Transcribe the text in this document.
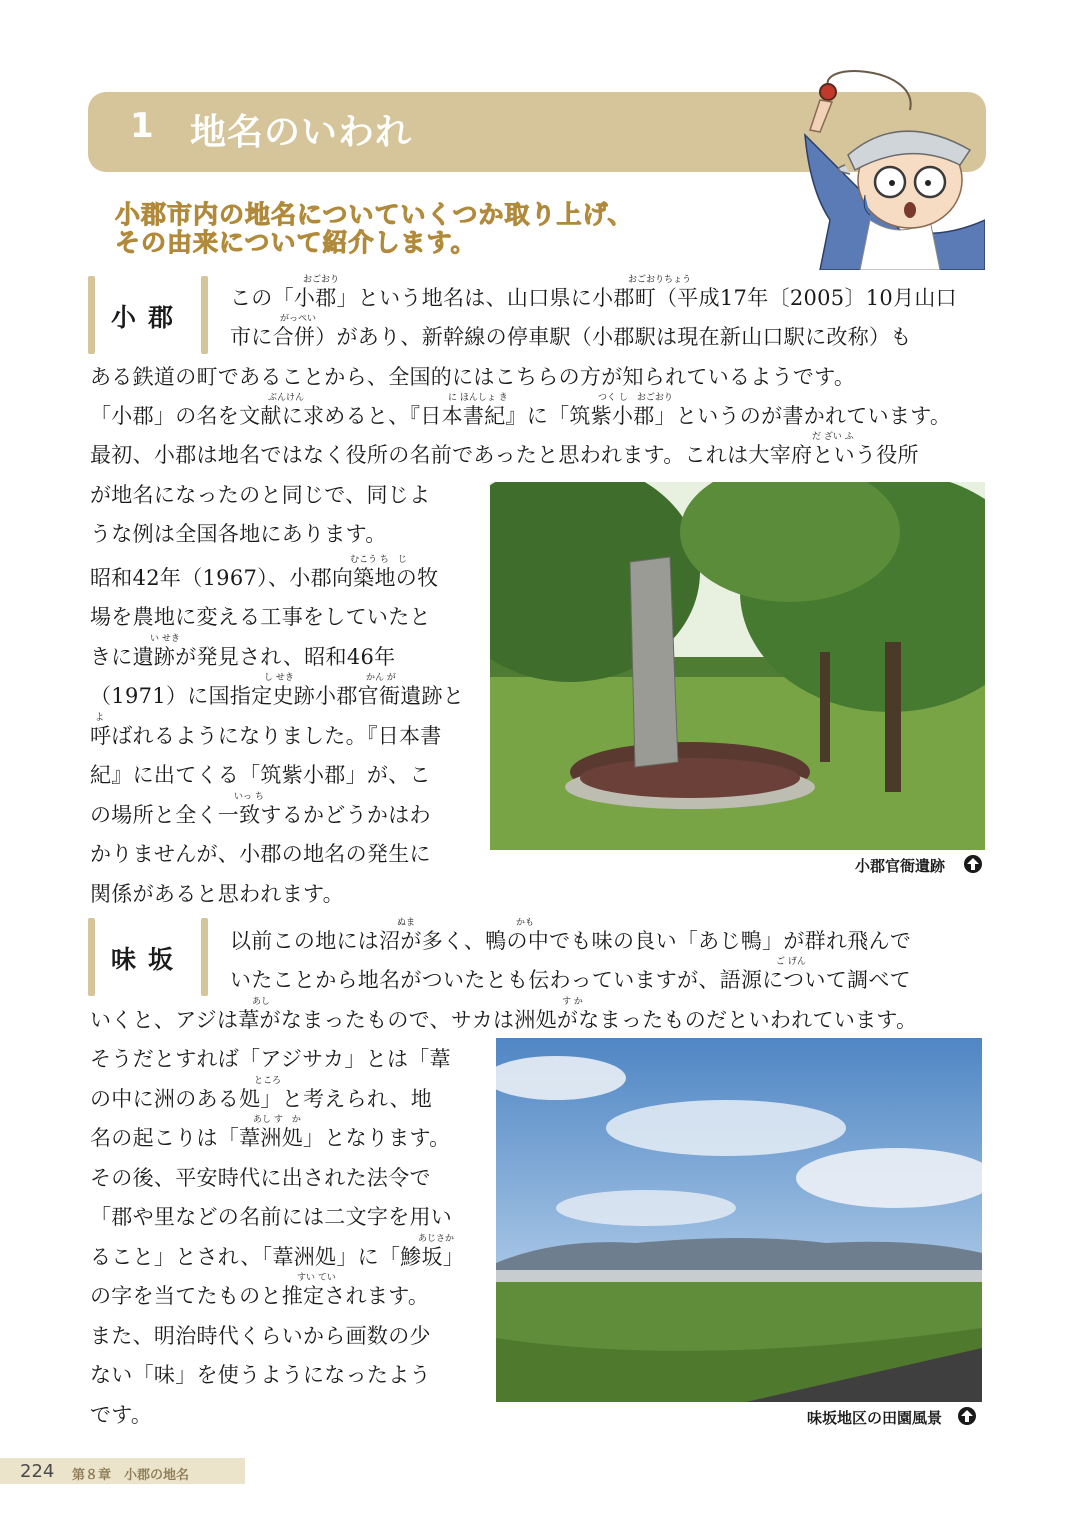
1 地名のいわれ
小郡市内の地名についていくつか取り上げ、
その由来について紹介します。
小郡
この「小郡」という地名は、山口県に小郡町（平成17年〔2005〕10月山口
市に合併）があり、新幹線の停車駅（小郡駅は現在新山口駅に改称）も
ある鉄道の町であることから、全国的にはこちらの方が知られているようです。
「小郡」の名を文献に求めると、『日本書紀』に「筑紫小郡」というのが書かれています。
最初、小郡は地名ではなく役所の名前であったと思われます。これは大宰府という役所
が地名になったのと同じで、同じよ
うな例は全国各地にあります。
昭和42年（1967）、小郡向築地の牧
場を農地に変える工事をしていたと
きに遺跡が発見され、昭和46年
（1971）に国指定史跡小郡官衙遺跡と
呼ばれるようになりました。『日本書
紀』に出てくる「筑紫小郡」が、こ
の場所と全く一致するかどうかはわ
かりませんが、小郡の地名の発生に
関係があると思われます。
おごおり	おごおりちょう
がっぺい
ぶんけん	に ほんしょ き	つく し　おごおり
だ ざい ふ
むこう ち　じ
い せき
し せき	かん が
よ
いっ ち
小郡官衙遺跡
味坂
以前この地には沼が多く、鴨の中でも味の良い「あじ鴨」が群れ飛んで
いたことから地名がついたとも伝わっていますが、語源について調べて
いくと、アジは葦がなまったもので、サカは洲処がなまったものだといわれています。
そうだとすれば「アジサカ」とは「葦
の中に洲のある処」と考えられ、地
名の起こりは「葦洲処」となります。
その後、平安時代に出された法令で
「郡や里などの名前には二文字を用い
ること」とされ、「葦洲処」に「鯵坂」
の字を当てたものと推定されます。
また、明治時代くらいから画数の少
ない「味」を使うようになったよう
です。
ぬま	かも
ご げん
あし	す か
ところ
あし す　か
あじさか
すい てい
味坂地区の田園風景
224 第８章　小郡の地名
